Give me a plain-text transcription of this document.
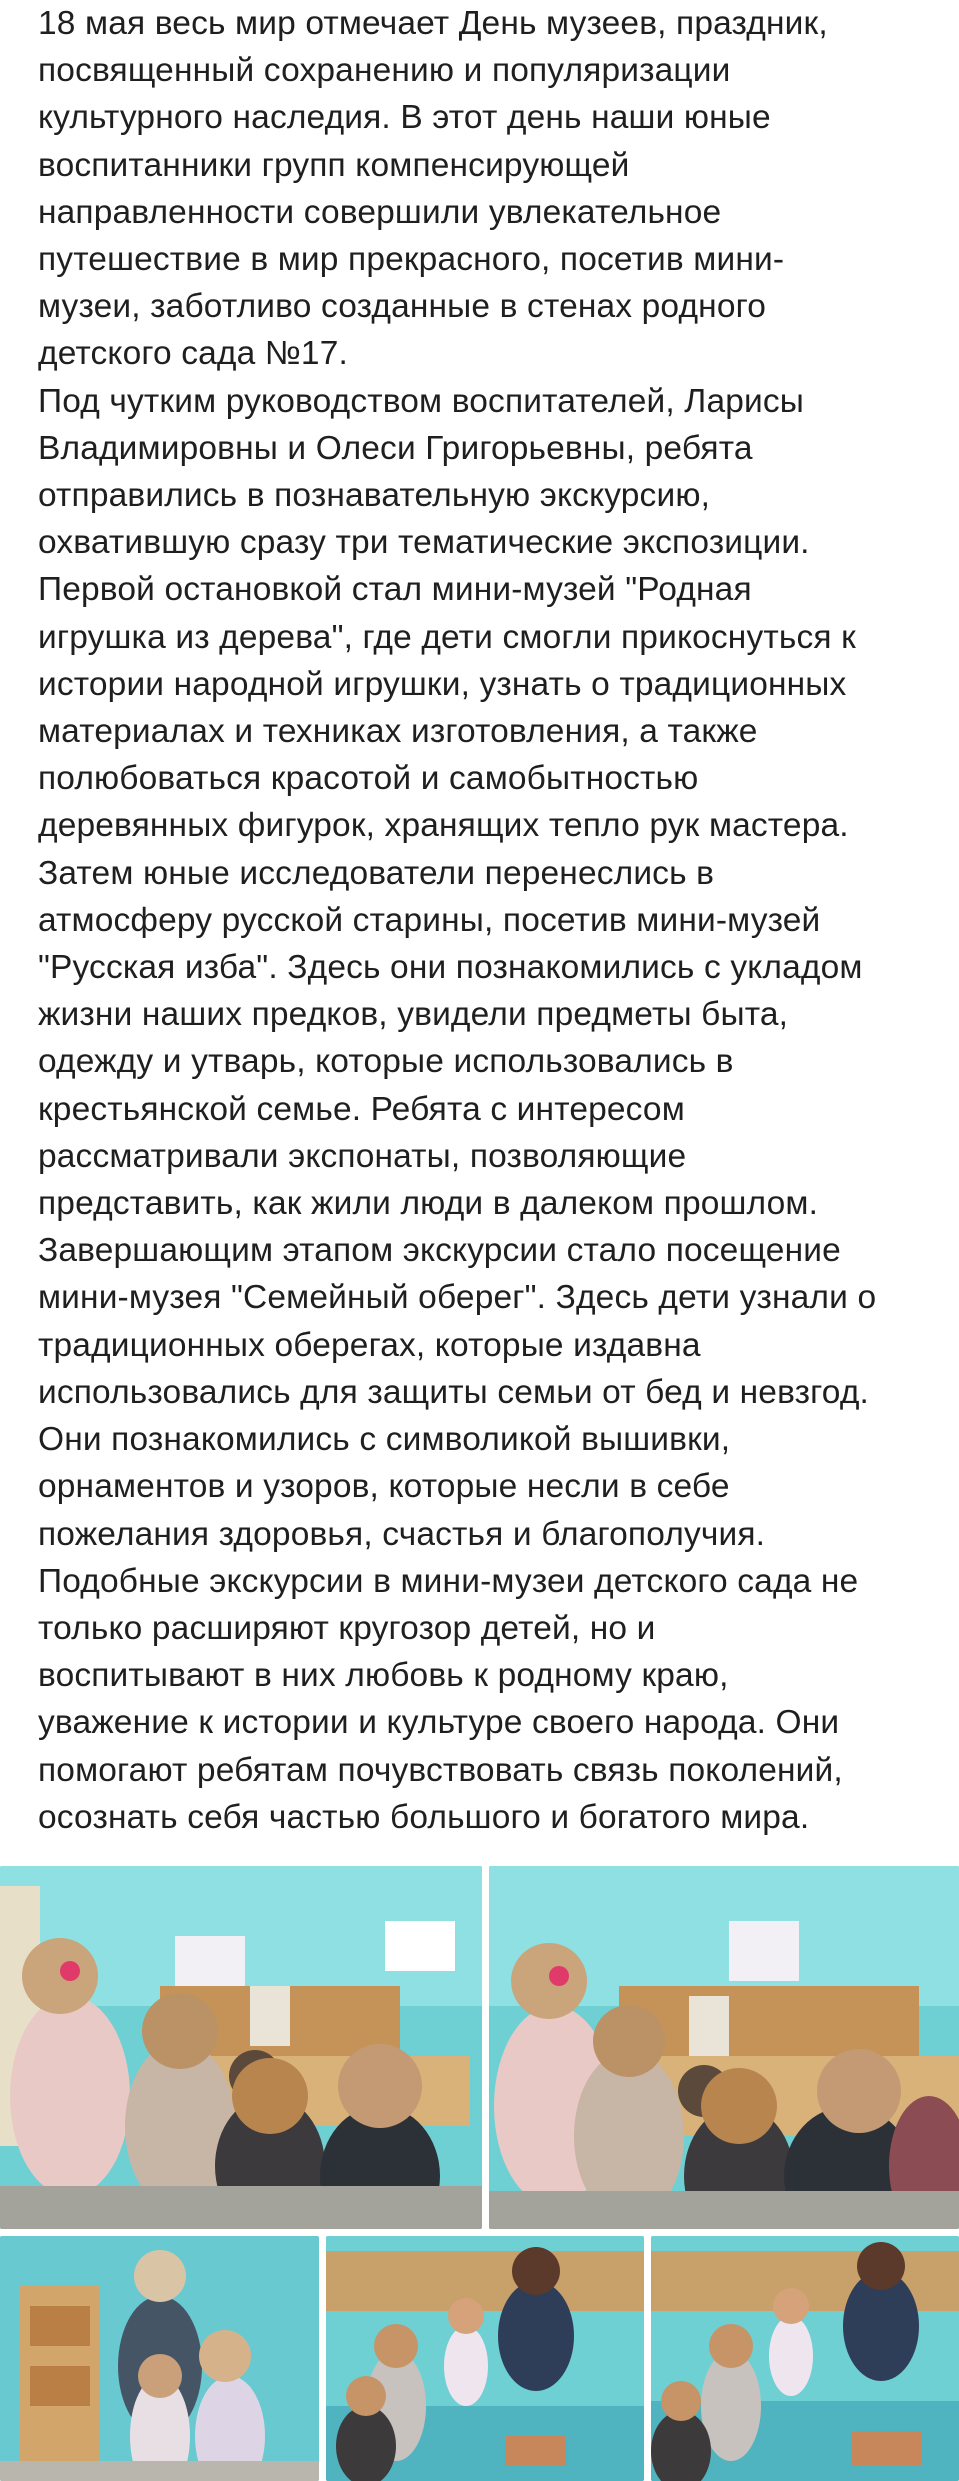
18 мая весь мир отмечает День музеев, праздник,
посвященный сохранению и популяризации
культурного наследия. В этот день наши юные
воспитанники групп компенсирующей
направленности совершили увлекательное
путешествие в мир прекрасного, посетив мини-
музеи, заботливо созданные в стенах родного
детского сада №17.
Под чутким руководством воспитателей, Ларисы
Владимировны и Олеси Григорьевны, ребята
отправились в познавательную экскурсию,
охватившую сразу три тематические экспозиции.
Первой остановкой стал мини-музей "Родная
игрушка из дерева", где дети смогли прикоснуться к
истории народной игрушки, узнать о традиционных
материалах и техниках изготовления, а также
полюбоваться красотой и самобытностью
деревянных фигурок, хранящих тепло рук мастера.
Затем юные исследователи перенеслись в
атмосферу русской старины, посетив мини-музей
"Русская изба". Здесь они познакомились с укладом
жизни наших предков, увидели предметы быта,
одежду и утварь, которые использовались в
крестьянской семье. Ребята с интересом
рассматривали экспонаты, позволяющие
представить, как жили люди в далеком прошлом.
Завершающим этапом экскурсии стало посещение
мини-музея "Семейный оберег". Здесь дети узнали о
традиционных оберегах, которые издавна
использовались для защиты семьи от бед и невзгод.
Они познакомились с символикой вышивки,
орнаментов и узоров, которые несли в себе
пожелания здоровья, счастья и благополучия.
Подобные экскурсии в мини-музеи детского сада не
только расширяют кругозор детей, но и
воспитывают в них любовь к родному краю,
уважение к истории и культуре своего народа. Они
помогают ребятам почувствовать связь поколений,
осознать себя частью большого и богатого мира.
